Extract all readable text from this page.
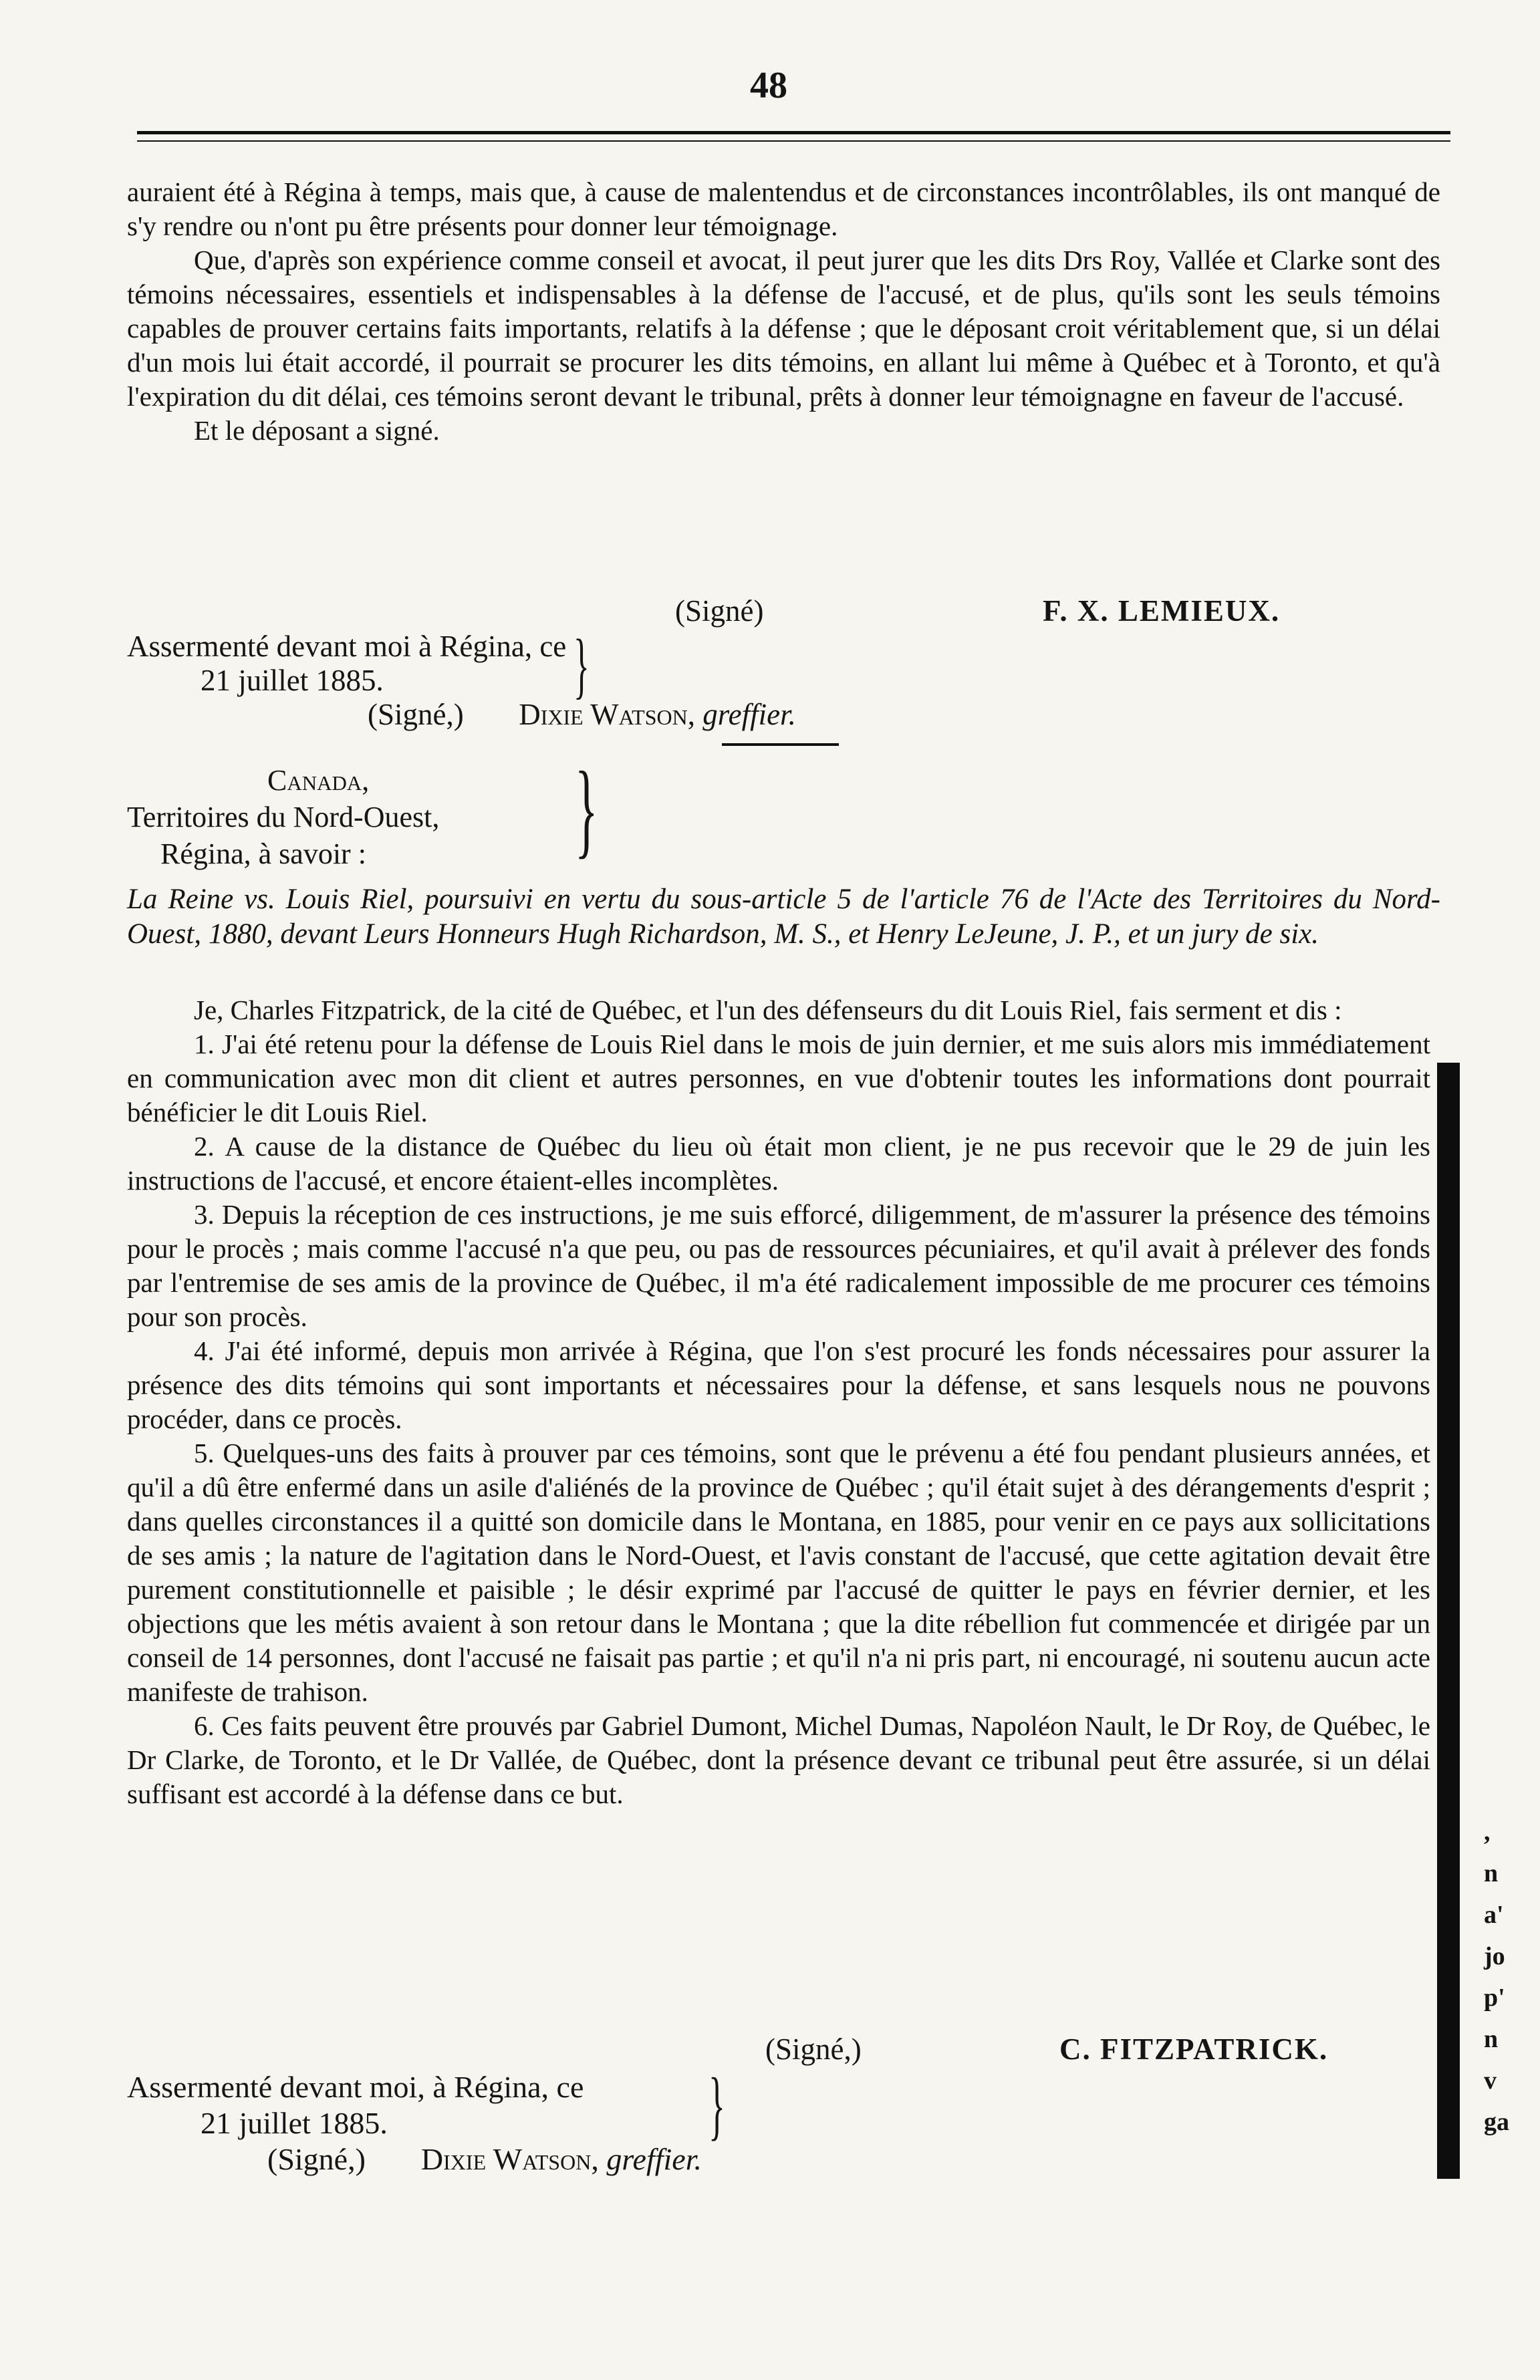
48

auraient été à Régina à temps, mais que, à cause de malentendus et de circonstances incontrôlables, ils ont manqué de s'y rendre ou n'ont pu être présents pour donner leur témoignage.

Que, d'après son expérience comme conseil et avocat, il peut jurer que les dits Drs Roy, Vallée et Clarke sont des témoins nécessaires, essentiels et indispensables à la défense de l'accusé, et de plus, qu'ils sont les seuls témoins capables de prouver certains faits importants, relatifs à la défense ; que le déposant croit véritablement que, si un délai d'un mois lui était accordé, il pourrait se procurer les dits témoins, en allant lui même à Québec et à Toronto, et qu'à l'expiration du dit délai, ces témoins seront devant le tribunal, prêts à donner leur témoignagne en faveur de l'accusé.

Et le déposant a signé.

(Signé)	F. X. LEMIEUX.
Assermenté devant moi à Régina, ce
21 juillet 1885.
(Signé,) Dixie Watson, greffier.
}
Canada,
Territoires du Nord-Ouest,
Régina, à savoir :	}
La Reine vs. Louis Riel, poursuivi en vertu du sous-article 5 de l'article 76 de l'Acte des Territoires du Nord-Ouest, 1880, devant Leurs Honneurs Hugh Richardson, M. S., et Henry LeJeune, J. P., et un jury de six.

Je, Charles Fitzpatrick, de la cité de Québec, et l'un des défenseurs du dit Louis Riel, fais serment et dis :

1. J'ai été retenu pour la défense de Louis Riel dans le mois de juin dernier, et me suis alors mis immédiatement en communication avec mon dit client et autres personnes, en vue d'obtenir toutes les informations dont pourrait bénéficier le dit Louis Riel.

2. A cause de la distance de Québec du lieu où était mon client, je ne pus recevoir que le 29 de juin les instructions de l'accusé, et encore étaient-elles incomplètes.

3. Depuis la réception de ces instructions, je me suis efforcé, diligemment, de m'assurer la présence des témoins pour le procès ; mais comme l'accusé n'a que peu, ou pas de ressources pécuniaires, et qu'il avait à prélever des fonds par l'entremise de ses amis de la province de Québec, il m'a été radicalement impossible de me procurer ces témoins pour son procès.

4. J'ai été informé, depuis mon arrivée à Régina, que l'on s'est procuré les fonds nécessaires pour assurer la présence des dits témoins qui sont importants et nécessaires pour la défense, et sans lesquels nous ne pouvons procéder, dans ce procès.

5. Quelques-uns des faits à prouver par ces témoins, sont que le prévenu a été fou pendant plusieurs années, et qu'il a dû être enfermé dans un asile d'aliénés de la province de Québec ; qu'il était sujet à des dérangements d'esprit ; dans quelles circonstances il a quitté son domicile dans le Montana, en 1885, pour venir en ce pays aux sollicitations de ses amis ; la nature de l'agitation dans le Nord-Ouest, et l'avis constant de l'accusé, que cette agitation devait être purement constitutionnelle et paisible ; le désir exprimé par l'accusé de quitter le pays en février dernier, et les objections que les métis avaient à son retour dans le Montana ; que la dite rébellion fut commencée et dirigée par un conseil de 14 personnes, dont l'accusé ne faisait pas partie ; et qu'il n'a ni pris part, ni encouragé, ni soutenu aucun acte manifeste de trahison.

6. Ces faits peuvent être prouvés par Gabriel Dumont, Michel Dumas, Napoléon Nault, le Dr Roy, de Québec, le Dr Clarke, de Toronto, et le Dr Vallée, de Québec, dont la présence devant ce tribunal peut être assurée, si un délai suffisant est accordé à la défense dans ce but.

(Signé,)	C. FITZPATRICK.
Assermenté devant moi, à Régina, ce
21 juillet 1885.
(Signé,) Dixie Watson, greffier.
}
,
n
a'
jo
p'
n
v
ga
